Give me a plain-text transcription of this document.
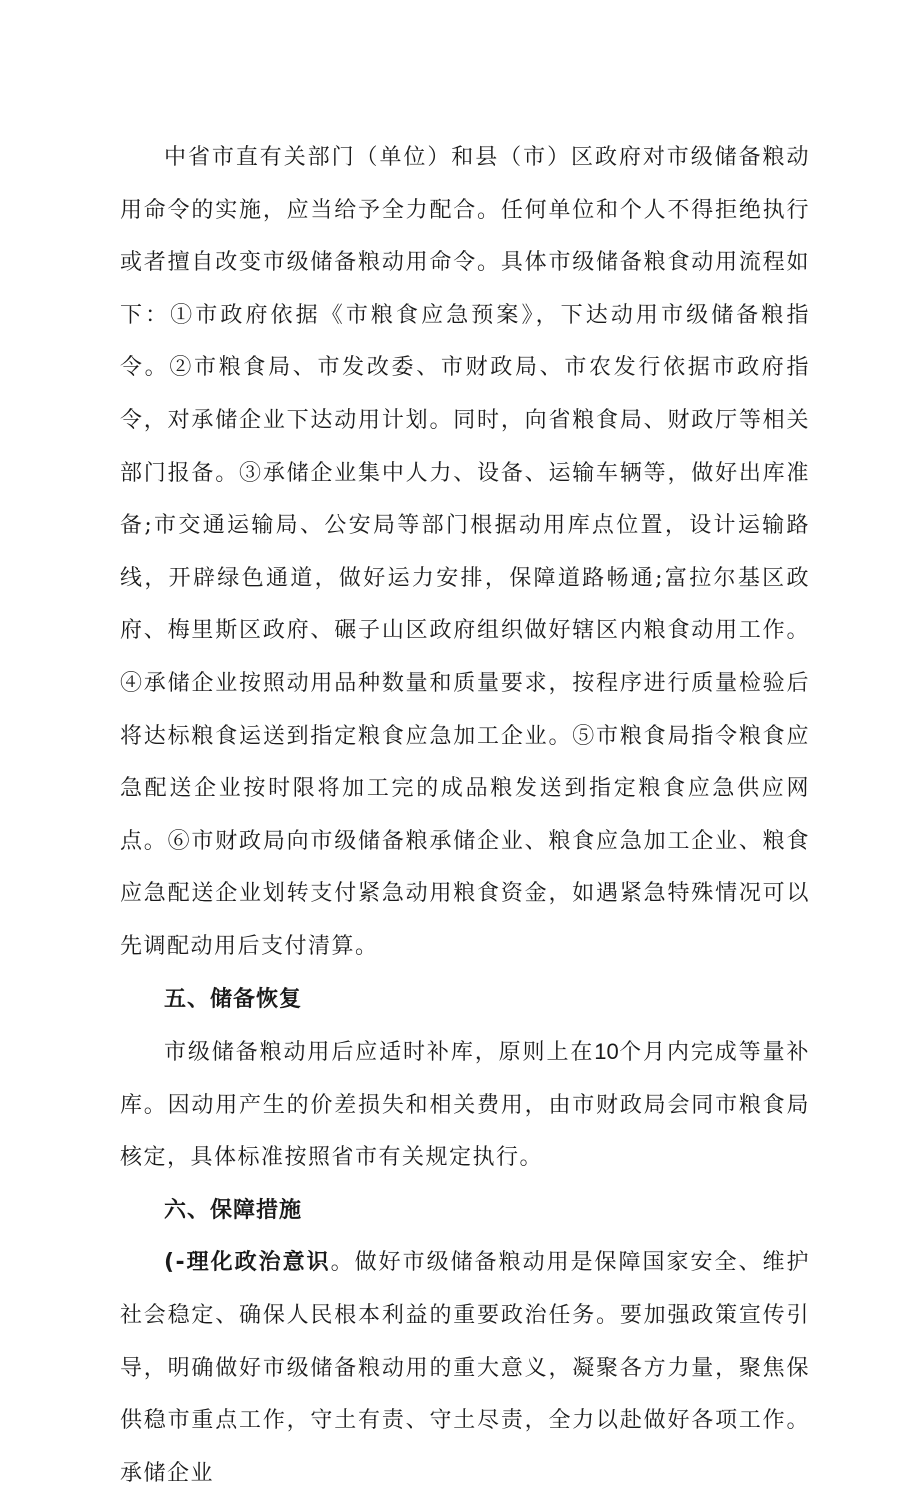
中省市直有关部门（单位）和县（市）区政府对市级储备粮动用命令的实施，应当给予全力配合。任何单位和个人不得拒绝执行或者擅自改变市级储备粮动用命令。具体市级储备粮食动用流程如下：①市政府依据《市粮食应急预案》，下达动用市级储备粮指令。②市粮食局、市发改委、市财政局、市农发行依据市政府指令，对承储企业下达动用计划。同时，向省粮食局、财政厅等相关部门报备。③承储企业集中人力、设备、运输车辆等，做好出库准备;市交通运输局、公安局等部门根据动用库点位置，设计运输路线，开辟绿色通道，做好运力安排，保障道路畅通;富拉尔基区政府、梅里斯区政府、碾子山区政府组织做好辖区内粮食动用工作。④承储企业按照动用品种数量和质量要求，按程序进行质量检验后将达标粮食运送到指定粮食应急加工企业。⑤市粮食局指令粮食应急配送企业按时限将加工完的成品粮发送到指定粮食应急供应网点。⑥市财政局向市级储备粮承储企业、粮食应急加工企业、粮食应急配送企业划转支付紧急动用粮食资金，如遇紧急特殊情况可以先调配动用后支付清算。

五、储备恢复

市级储备粮动用后应适时补库，原则上在10个月内完成等量补库。因动用产生的价差损失和相关费用，由市财政局会同市粮食局核定，具体标准按照省市有关规定执行。

六、保障措施

(-理化政治意识。做好市级储备粮动用是保障国家安全、维护社会稳定、确保人民根本利益的重要政治任务。要加强政策宣传引导，明确做好市级储备粮动用的重大意义，凝聚各方力量，聚焦保供稳市重点工作，守土有责、守土尽责，全力以赴做好各项工作。承储企业
